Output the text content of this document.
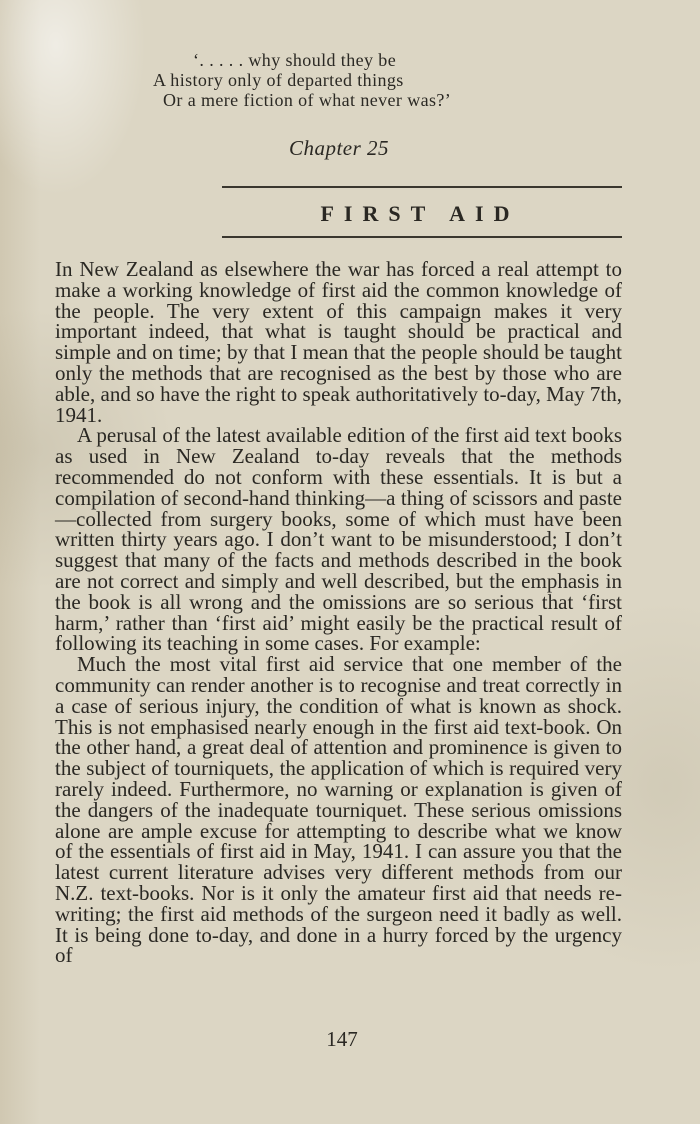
‘. . . . . why should they be
A history only of departed things
Or a mere fiction of what never was?’
Chapter 25
FIRST AID

In New Zealand as elsewhere the war has forced a real attempt to make a working knowledge of first aid the common knowledge of the people. The very extent of this campaign makes it very important indeed, that what is taught should be practical and simple and on time; by that I mean that the people should be taught only the methods that are recognised as the best by those who are able, and so have the right to speak authoritatively to-day, May 7th, 1941.

A perusal of the latest available edition of the first aid text books as used in New Zealand to-day reveals that the methods recommended do not conform with these essentials. It is but a compilation of second-hand thinking—a thing of scissors and paste—collected from surgery books, some of which must have been written thirty years ago. I don’t want to be misunderstood; I don’t suggest that many of the facts and methods described in the book are not correct and simply and well described, but the emphasis in the book is all wrong and the omissions are so serious that ‘first harm,’ rather than ‘first aid’ might easily be the practical result of following its teaching in some cases. For example:

Much the most vital first aid service that one member of the community can render another is to recognise and treat correctly in a case of serious injury, the condition of what is known as shock. This is not emphasised nearly enough in the first aid text-book. On the other hand, a great deal of attention and prominence is given to the subject of tourniquets, the application of which is required very rarely indeed. Furthermore, no warning or explanation is given of the dangers of the inadequate tourniquet. These serious omissions alone are ample excuse for attempting to describe what we know of the essentials of first aid in May, 1941. I can assure you that the latest current literature advises very different methods from our N.Z. text-books. Nor is it only the amateur first aid that needs re-writing; the first aid methods of the surgeon need it badly as well. It is being done to-day, and done in a hurry forced by the urgency of

147
